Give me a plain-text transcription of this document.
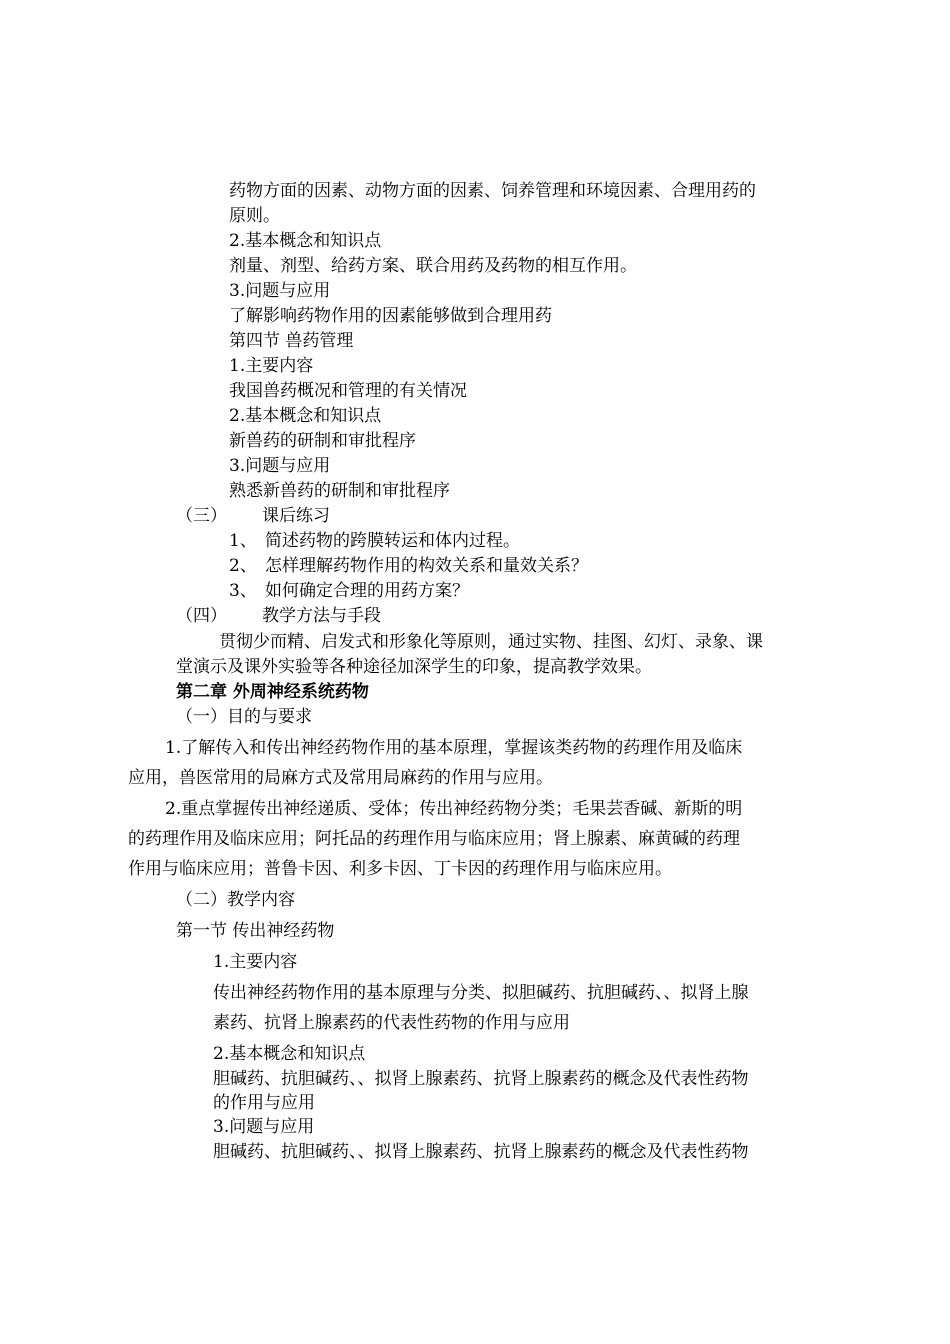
药物方面的因素、动物方面的因素、饲养管理和环境因素、合理用药的
原则。
2.基本概念和知识点
剂量、剂型、给药方案、联合用药及药物的相互作用。
3.问题与应用
了解影响药物作用的因素能够做到合理用药
第四节 兽药管理
1.主要内容
我国兽药概况和管理的有关情况
2.基本概念和知识点
新兽药的研制和审批程序
3.问题与应用
熟悉新兽药的研制和审批程序
（三） 课后练习
1、 简述药物的跨膜转运和体内过程。
2、 怎样理解药物作用的构效关系和量效关系？
3、 如何确定合理的用药方案？
（四） 教学方法与手段
贯彻少而精、启发式和形象化等原则，通过实物、挂图、幻灯、录象、课
堂演示及课外实验等各种途径加深学生的印象，提高教学效果。
第二章 外周神经系统药物
（一）目的与要求
1.了解传入和传出神经药物作用的基本原理，掌握该类药物的药理作用及临床
应用，兽医常用的局麻方式及常用局麻药的作用与应用。
2.重点掌握传出神经递质、受体；传出神经药物分类；毛果芸香碱、新斯的明
的药理作用及临床应用；阿托品的药理作用与临床应用；肾上腺素、麻黄碱的药理
作用与临床应用；普鲁卡因、利多卡因、丁卡因的药理作用与临床应用。
（二）教学内容
第一节 传出神经药物
1.主要内容
传出神经药物作用的基本原理与分类、拟胆碱药、抗胆碱药、、拟肾上腺
素药、抗肾上腺素药的代表性药物的作用与应用
2.基本概念和知识点
胆碱药、抗胆碱药、、拟肾上腺素药、抗肾上腺素药的概念及代表性药物
的作用与应用
3.问题与应用
胆碱药、抗胆碱药、、拟肾上腺素药、抗肾上腺素药的概念及代表性药物
